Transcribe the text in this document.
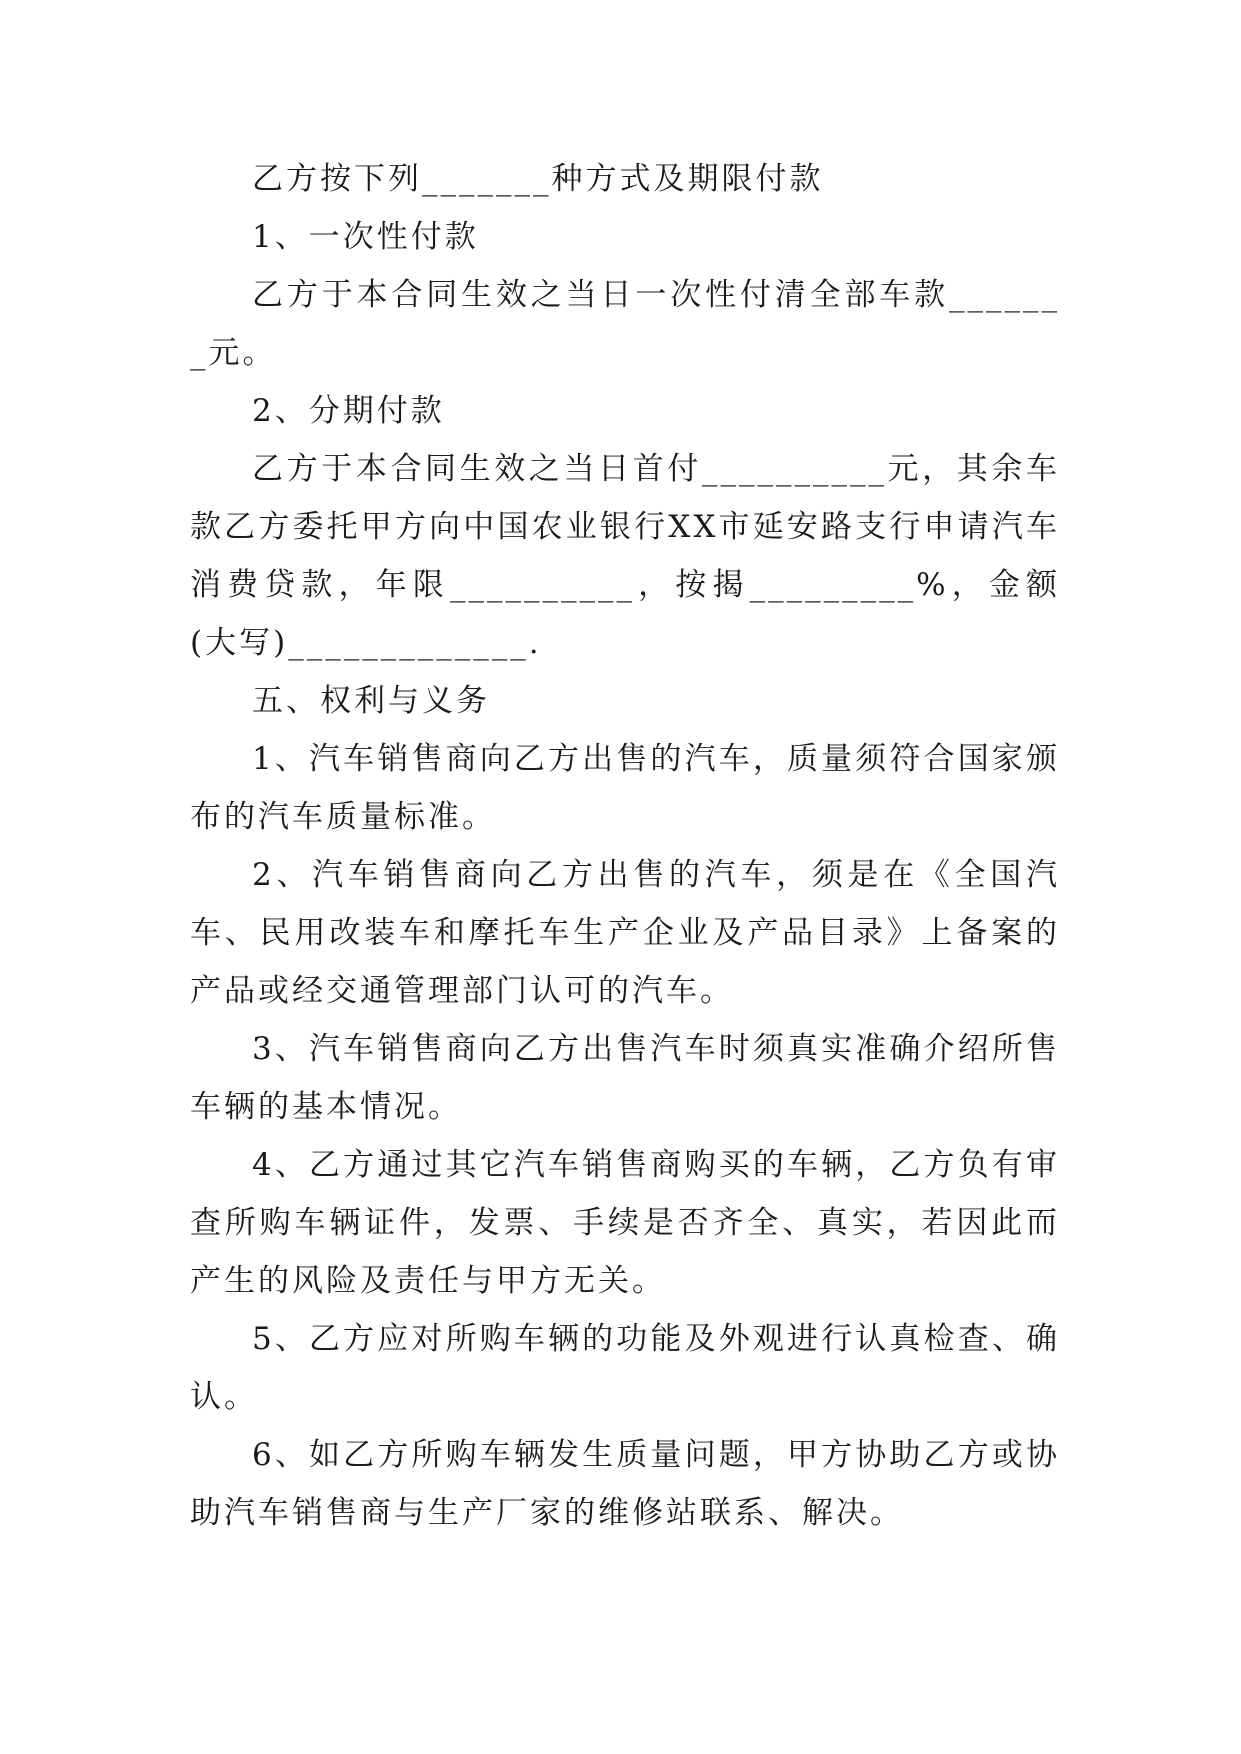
乙方按下列_______种方式及期限付款

1、一次性付款

乙方于本合同生效之当日一次性付清全部车款_______元。

2、分期付款

乙方于本合同生效之当日首付__________元，其余车款乙方委托甲方向中国农业银行XX市延安路支行申请汽车消费贷款，年限__________，按揭_________%，金额(大写)_____________.

五、权利与义务

1、汽车销售商向乙方出售的汽车，质量须符合国家颁布的汽车质量标准。

2、汽车销售商向乙方出售的汽车，须是在《全国汽车、民用改装车和摩托车生产企业及产品目录》上备案的产品或经交通管理部门认可的汽车。

3、汽车销售商向乙方出售汽车时须真实准确介绍所售车辆的基本情况。

4、乙方通过其它汽车销售商购买的车辆，乙方负有审查所购车辆证件，发票、手续是否齐全、真实，若因此而产生的风险及责任与甲方无关。

5、乙方应对所购车辆的功能及外观进行认真检查、确认。

6、如乙方所购车辆发生质量问题，甲方协助乙方或协助汽车销售商与生产厂家的维修站联系、解决。
